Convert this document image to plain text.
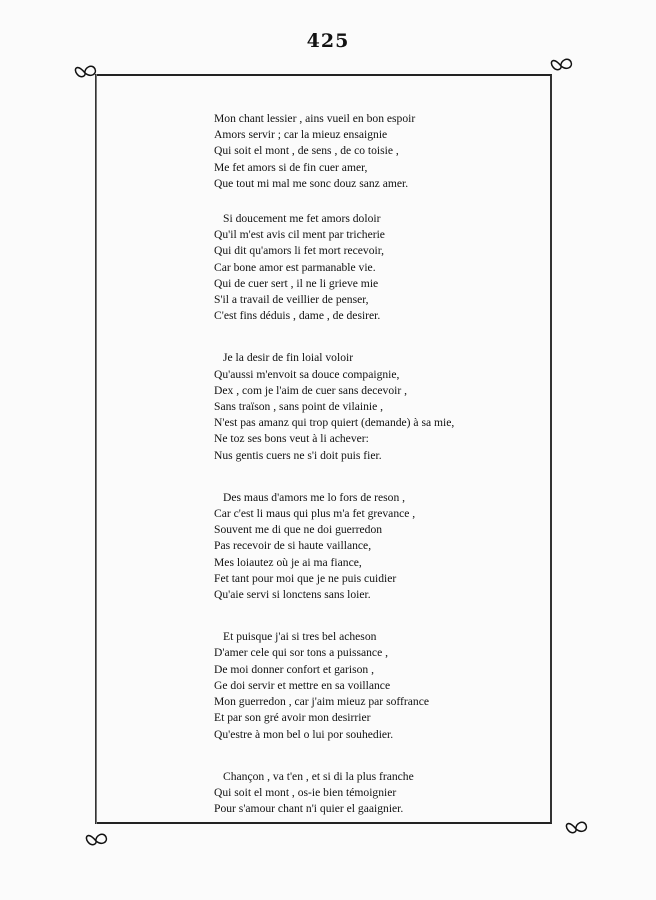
425
Mon chant lessier , ains vueil en bon espoir
Amors servir ; car la mieuz ensaignie
Qui soit el mont , de sens , de co toisie ,
Me fet amors si de fin cuer amer,
Que tout mi mal me sonc douz sanz amer.
Si doucement me fet amors doloir
Qu'il m'est avis cil ment par tricherie
Qui dit qu'amors li fet mort recevoir,
Car bone amor est parmanable vie.
Qui de cuer sert , il ne li grieve mie
S'il a travail de veillier de penser,
C'est fins déduis , dame , de desirer.
Je la desir de fin loial voloir
Qu'aussi m'envoit sa douce compaignie,
Dex , com je l'aim de cuer sans decevoir ,
Sans traïson , sans point de vilainie ,
N'est pas amanz qui trop quiert (demande) à sa mie,
Ne toz ses bons veut à li achever:
Nus gentis cuers ne s'i doit puis fier.
Des maus d'amors me lo fors de reson ,
Car c'est li maus qui plus m'a fet grevance ,
Souvent me di que ne doi guerredon
Pas recevoir de si haute vaillance,
Mes loiautez où je ai ma fiance,
Fet tant pour moi que je ne puis cuidier
Qu'aie servi si lonctens sans loier.
Et puisque j'ai si tres bel acheson
D'amer cele qui sor tons a puissance ,
De moi donner confort et garison ,
Ge doi servir et mettre en sa voillance
Mon guerredon , car j'aim mieuz par soffrance
Et par son gré avoir mon desirrier
Qu'estre à mon bel o lui por souhedier.
Chançon , va t'en , et si di la plus franche
Qui soit el mont , os-ie bien témoignier
Pour s'amour chant n'i quier el gaaignier.
